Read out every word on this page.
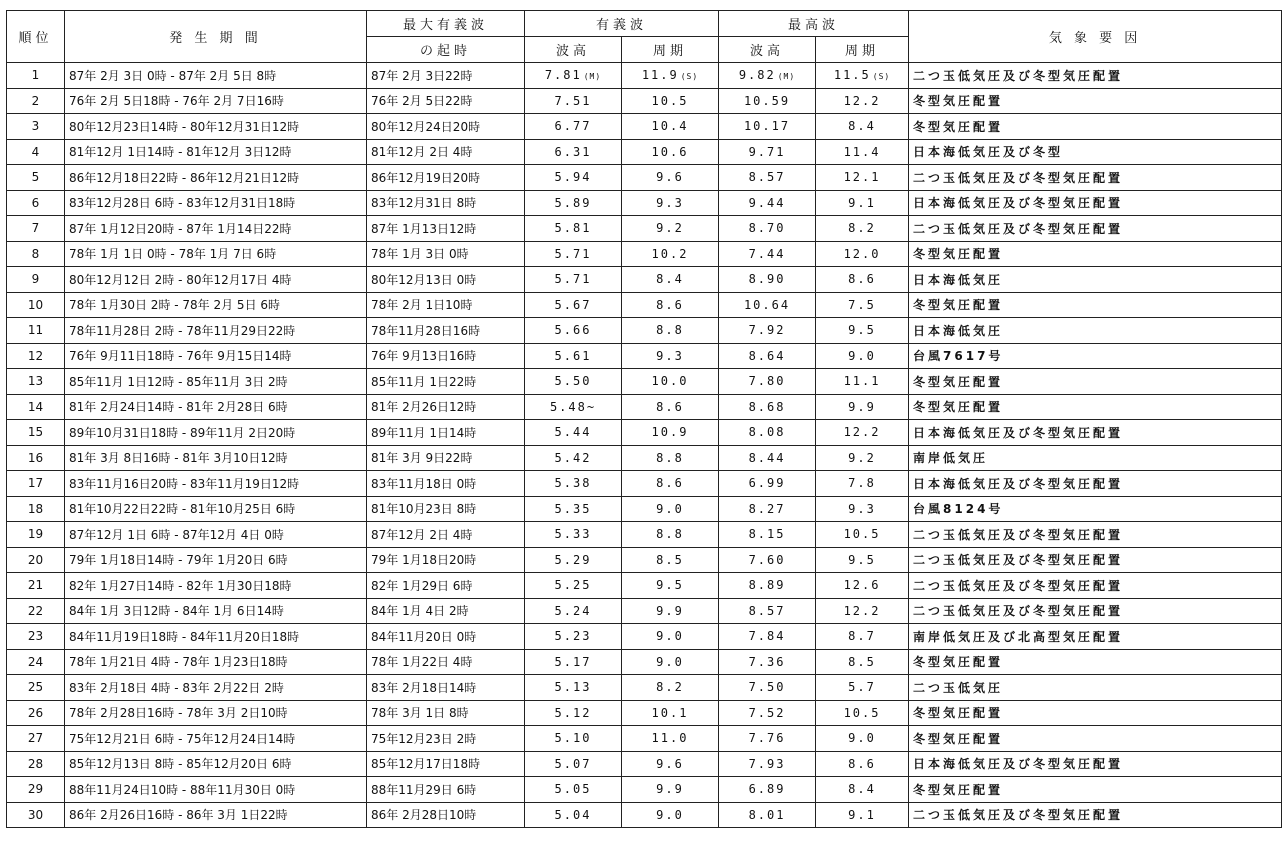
順位	発 生 期 間	最大有義波	有義波		最高波		気 象 要 因
		の起時	波高	周期	波高	周期	
1	87年 2月 3日 0時 - 87年 2月 5日 8時	87年 2月 3日22時	7.81 (M)	11.9 (S)	9.82 (M)	11.5 (S)	二つ玉低気圧及び冬型気圧配置
2	76年 2月 5日18時 - 76年 2月 7日16時	76年 2月 5日22時	7.51	10.5	10.59	12.2	冬型気圧配置
3	80年12月23日14時 - 80年12月31日12時	80年12月24日20時	6.77	10.4	10.17	8.4	冬型気圧配置
4	81年12月 1日14時 - 81年12月 3日12時	81年12月 2日 4時	6.31	10.6	9.71	11.4	日本海低気圧及び冬型
5	86年12月18日22時 - 86年12月21日12時	86年12月19日20時	5.94	9.6	8.57	12.1	二つ玉低気圧及び冬型気圧配置
6	83年12月28日 6時 - 83年12月31日18時	83年12月31日 8時	5.89	9.3	9.44	9.1	日本海低気圧及び冬型気圧配置
7	87年 1月12日20時 - 87年 1月14日22時	87年 1月13日12時	5.81	9.2	8.70	8.2	二つ玉低気圧及び冬型気圧配置
8	78年 1月 1日 0時 - 78年 1月 7日 6時	78年 1月 3日 0時	5.71	10.2	7.44	12.0	冬型気圧配置
9	80年12月12日 2時 - 80年12月17日 4時	80年12月13日 0時	5.71	8.4	8.90	8.6	日本海低気圧
10	78年 1月30日 2時 - 78年 2月 5日 6時	78年 2月 1日10時	5.67	8.6	10.64	7.5	冬型気圧配置
11	78年11月28日 2時 - 78年11月29日22時	78年11月28日16時	5.66	8.8	7.92	9.5	日本海低気圧
12	76年 9月11日18時 - 76年 9月15日14時	76年 9月13日16時	5.61	9.3	8.64	9.0	台風7617号
13	85年11月 1日12時 - 85年11月 3日 2時	85年11月 1日22時	5.50	10.0	7.80	11.1	冬型気圧配置
14	81年 2月24日14時 - 81年 2月28日 6時	81年 2月26日12時	5.48~	8.6	8.68	9.9	冬型気圧配置
15	89年10月31日18時 - 89年11月 2日20時	89年11月 1日14時	5.44	10.9	8.08	12.2	日本海低気圧及び冬型気圧配置
16	81年 3月 8日16時 - 81年 3月10日12時	81年 3月 9日22時	5.42	8.8	8.44	9.2	南岸低気圧
17	83年11月16日20時 - 83年11月19日12時	83年11月18日 0時	5.38	8.6	6.99	7.8	日本海低気圧及び冬型気圧配置
18	81年10月22日22時 - 81年10月25日 6時	81年10月23日 8時	5.35	9.0	8.27	9.3	台風8124号
19	87年12月 1日 6時 - 87年12月 4日 0時	87年12月 2日 4時	5.33	8.8	8.15	10.5	二つ玉低気圧及び冬型気圧配置
20	79年 1月18日14時 - 79年 1月20日 6時	79年 1月18日20時	5.29	8.5	7.60	9.5	二つ玉低気圧及び冬型気圧配置
21	82年 1月27日14時 - 82年 1月30日18時	82年 1月29日 6時	5.25	9.5	8.89	12.6	二つ玉低気圧及び冬型気圧配置
22	84年 1月 3日12時 - 84年 1月 6日14時	84年 1月 4日 2時	5.24	9.9	8.57	12.2	二つ玉低気圧及び冬型気圧配置
23	84年11月19日18時 - 84年11月20日18時	84年11月20日 0時	5.23	9.0	7.84	8.7	南岸低気圧及び北高型気圧配置
24	78年 1月21日 4時 - 78年 1月23日18時	78年 1月22日 4時	5.17	9.0	7.36	8.5	冬型気圧配置
25	83年 2月18日 4時 - 83年 2月22日 2時	83年 2月18日14時	5.13	8.2	7.50	5.7	二つ玉低気圧
26	78年 2月28日16時 - 78年 3月 2日10時	78年 3月 1日 8時	5.12	10.1	7.52	10.5	冬型気圧配置
27	75年12月21日 6時 - 75年12月24日14時	75年12月23日 2時	5.10	11.0	7.76	9.0	冬型気圧配置
28	85年12月13日 8時 - 85年12月20日 6時	85年12月17日18時	5.07	9.6	7.93	8.6	日本海低気圧及び冬型気圧配置
29	88年11月24日10時 - 88年11月30日 0時	88年11月29日 6時	5.05	9.9	6.89	8.4	冬型気圧配置
30	86年 2月26日16時 - 86年 3月 1日22時	86年 2月28日10時	5.04	9.0	8.01	9.1	二つ玉低気圧及び冬型気圧配置
